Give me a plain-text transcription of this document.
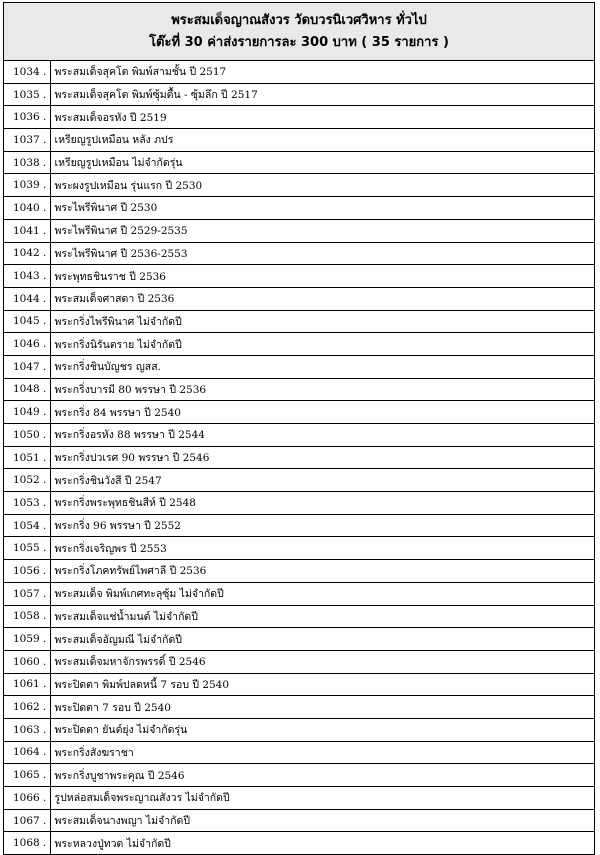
พระสมเด็จญาณสังวร วัดบวรนิเวศวิหาร ทั่วไป
โต๊ะที่ 30 ค่าส่งรายการละ 300 บาท ( 35 รายการ )
1034 .	พระสมเด็จสุคโต พิมพ์สามชั้น ปี 2517
1035 .	พระสมเด็จสุคโต พิมพ์ซุ้มตื้น - ซุ้มลึก ปี 2517
1036 .	พระสมเด็จอรหัง ปี 2519
1037 .	เหรียญรูปเหมือน หลัง ภปร
1038 .	เหรียญรูปเหมือน ไม่จำกัดรุ่น
1039 .	พระผงรูปเหมือน รุ่นแรก ปี 2530
1040 .	พระไพรีพินาศ ปี 2530
1041 .	พระไพรีพินาศ ปี 2529-2535
1042 .	พระไพรีพินาศ ปี 2536-2553
1043 .	พระพุทธชินราช ปี 2536
1044 .	พระสมเด็จศาสดา ปี 2536
1045 .	พระกริ่งไพรีพินาศ ไม่จำกัดปี
1046 .	พระกริ่งนิรันตราย ไม่จำกัดปี
1047 .	พระกริ่งชินบัญชร ญสส.
1048 .	พระกริ่งบารมี 80 พรรษา ปี 2536
1049 .	พระกริ่ง 84 พรรษา ปี 2540
1050 .	พระกริ่งอรหัง 88 พรรษา ปี 2544
1051 .	พระกริ่งปวเรศ 90 พรรษา ปี 2546
1052 .	พระกริ่งชินวังสี ปี 2547
1053 .	พระกริ่งพระพุทธชินสีห์ ปี 2548
1054 .	พระกริ่ง 96 พรรษา ปี 2552
1055 .	พระกริ่งเจริญพร ปี 2553
1056 .	พระกริ่งโภคทรัพย์ไพศาลี ปี 2536
1057 .	พระสมเด็จ พิมพ์เกศทะลุซุ้ม ไม่จำกัดปี
1058 .	พระสมเด็จแช่น้ำมนต์ ไม่จำกัดปี
1059 .	พระสมเด็จอัญมณี ไม่จำกัดปี
1060 .	พระสมเด็จมหาจักรพรรดิ์ ปี 2546
1061 .	พระปิดตา พิมพ์ปลดหนี้ 7 รอบ ปี 2540
1062 .	พระปิดตา 7 รอบ ปี 2540
1063 .	พระปิดตา ยันต์ยุ่ง ไม่จำกัดรุ่น
1064 .	พระกริ่งสังฆราชา
1065 .	พระกริ่งบูชาพระคุณ ปี 2546
1066 .	รูปหล่อสมเด็จพระญาณสังวร ไม่จำกัดปี
1067 .	พระสมเด็จนางพญา ไม่จำกัดปี
1068 .	พระหลวงปู่ทวด ไม่จำกัดปี
